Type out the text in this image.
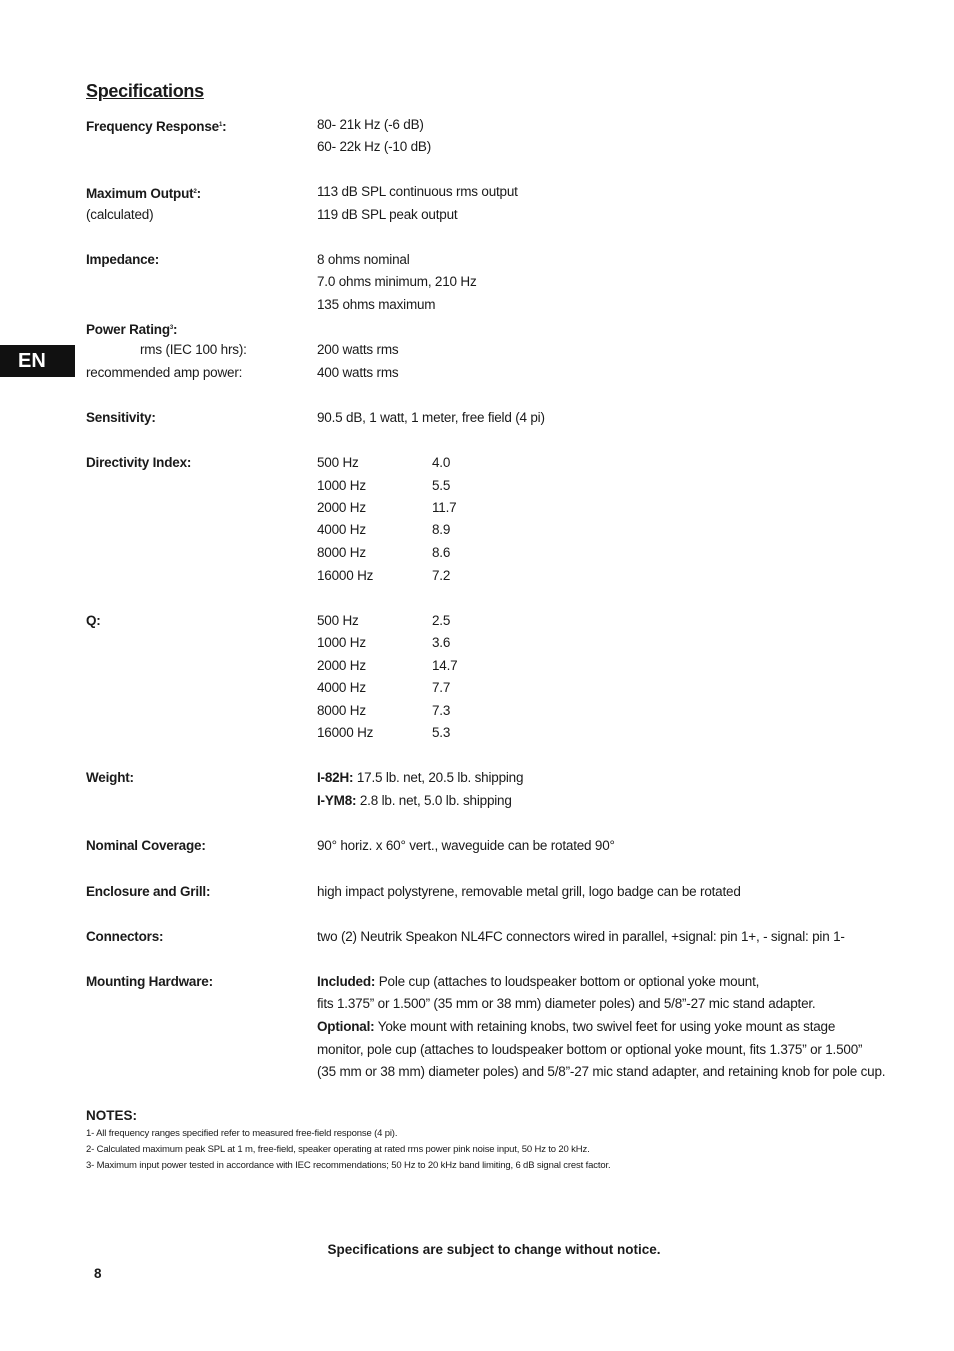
Specifications
EN
Frequency Response$^1$:	80- 21k Hz (-6 dB)
60- 22k Hz (-10 dB)
Maximum Output$^2$:	113 dB SPL continuous rms output
(calculated)	119 dB SPL peak output
Impedance:	8 ohms nominal
7.0 ohms minimum, 210 Hz
135 ohms maximum
Power Rating$^3$:
rms (IEC 100 hrs):	200 watts rms
recommended amp power:	400 watts rms
Sensitivity:	90.5 dB, 1 watt, 1 meter, free field (4 pi)
Directivity Index:	500 Hz	4.0
1000 Hz	5.5
2000 Hz	11.7
4000 Hz	8.9
8000 Hz	8.6
16000 Hz	7.2
Q:	500 Hz	2.5
1000 Hz	3.6
2000 Hz	14.7
4000 Hz	7.7
8000 Hz	7.3
16000 Hz	5.3
Weight:	I-82H: 17.5 lb. net, 20.5 lb. shipping
I-YM8: 2.8 lb. net, 5.0 lb. shipping
Nominal Coverage:	90° horiz. x 60° vert., waveguide can be rotated 90°
Enclosure and Grill:	high impact polystyrene, removable metal grill, logo badge can be rotated
Connectors:	two (2) Neutrik Speakon NL4FC connectors wired in parallel, +signal: pin 1+, - signal: pin 1-
Mounting Hardware:	Included: Pole cup (attaches to loudspeaker bottom or optional yoke mount,
fits 1.375” or 1.500” (35 mm or 38 mm) diameter poles) and 5/8”-27 mic stand adapter.
Optional: Yoke mount with retaining knobs, two swivel feet for using yoke mount as stage
monitor, pole cup (attaches to loudspeaker bottom or optional yoke mount, fits 1.375” or 1.500”
(35 mm or 38 mm) diameter poles) and 5/8”-27 mic stand adapter, and retaining knob for pole cup.
NOTES:
1- All frequency ranges specified refer to measured free-field response (4 pi).
2- Calculated maximum peak SPL at 1 m, free-field, speaker operating at rated rms power pink noise input, 50 Hz to 20 kHz.
3- Maximum input power tested in accordance with IEC recommendations; 50 Hz to 20 kHz band limiting, 6 dB signal crest factor.
Specifications are subject to change without notice.
8
